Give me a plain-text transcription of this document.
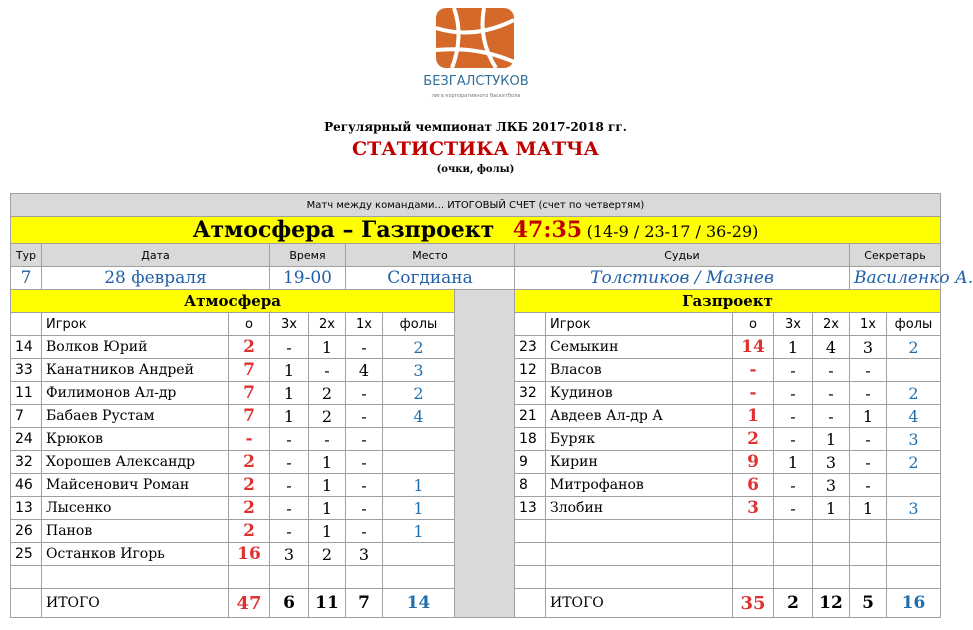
БЕЗГАЛСТУКОВ
лига корпоративного баскетбола
Регулярный чемпионат ЛКБ 2017-2018 гг.
СТАТИСТИКА МАТЧА
(очки, фолы)
Матч между командами... ИТОГОВЫЙ СЧЕТ (счет по четвертям)														
Атмосфера – Газпроект 47:35 (14-9 / 23-17 / 36-29)														
Тур	Дата		Время		Место			Судьи					Секретарь	
7	28 февраля		19-00		Согдиана			Толстиков / Мазнев					Василенко А.	
Атмосфера								Газпроект						
	Игрок	о	3х	2х	1х	фолы			Игрок	о	3х	2х	1х	фолы
14	Волков Юрий	2	-	1	-	2		23	Семыкин	14	1	4	3	2
33	Канатников Андрей	7	1	-	4	3		12	Власов	-	-	-	-	
11	Филимонов Ал-др	7	1	2	-	2		32	Кудинов	-	-	-	-	2
7	Бабаев Рустам	7	1	2	-	4		21	Авдеев Ал-др А	1	-	-	1	4
24	Крюков	-	-	-	-			18	Буряк	2	-	1	-	3
32	Хорошев Александр	2	-	1	-			9	Кирин	9	1	3	-	2
46	Майсенович Роман	2	-	1	-	1		8	Митрофанов	6	-	3	-	
13	Лысенко	2	-	1	-	1		13	Злобин	3	-	1	1	3
26	Панов	2	-	1	-	1								
25	Останков Игорь	16	3	2	3									

	ИТОГО	47	6	11	7	14			ИТОГО	35	2	12	5	16
